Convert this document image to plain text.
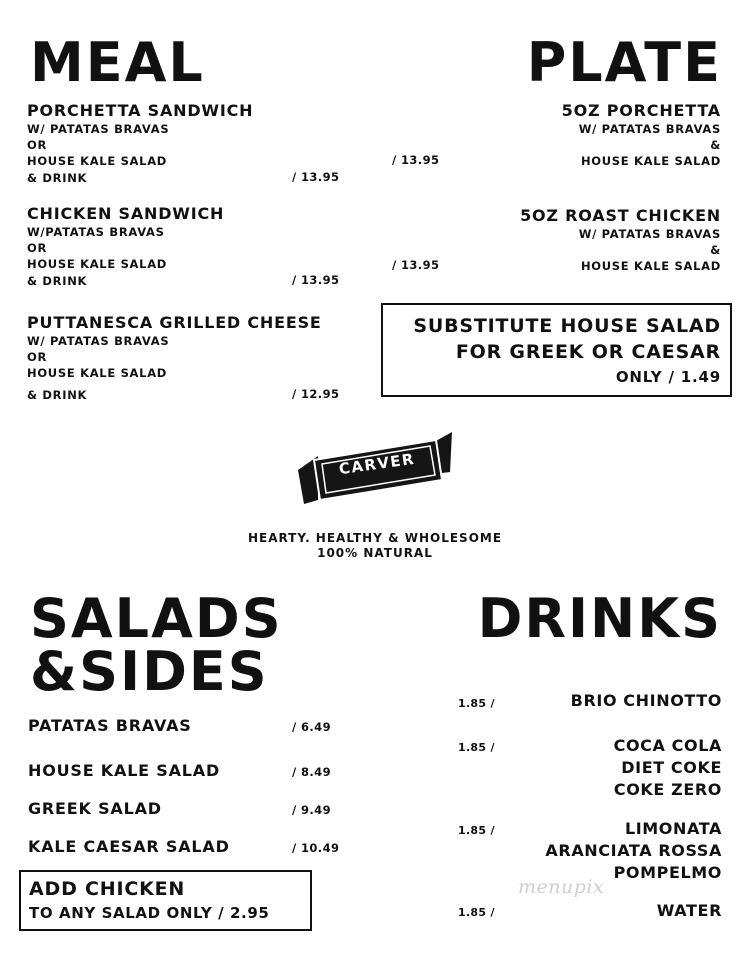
MEAL	PLATE
PORCHETTA SANDWICH
W/ PATATAS BRAVAS
OR
HOUSE KALE SALAD
& DRINK	/ 13.95
CHICKEN SANDWICH
W/PATATAS BRAVAS
OR
HOUSE KALE SALAD
& DRINK	/ 13.95
PUTTANESCA GRILLED CHEESE
W/ PATATAS BRAVAS
OR
HOUSE KALE SALAD
& DRINK	/ 12.95
/ 13.95
5OZ PORCHETTA
W/ PATATAS BRAVAS
&
HOUSE KALE SALAD
/ 13.95
5OZ ROAST CHICKEN
W/ PATATAS BRAVAS
&
HOUSE KALE SALAD
SUBSTITUTE HOUSE SALAD
FOR GREEK OR CAESAR
ONLY / 1.49
CARVER
HEARTY. HEALTHY & WHOLESOME
100% NATURAL
SALADS
&SIDES
PATATAS BRAVAS	/ 6.49
HOUSE KALE SALAD	/ 8.49
GREEK SALAD	/ 9.49
KALE CAESAR SALAD	/ 10.49
ADD CHICKEN
TO ANY SALAD ONLY / 2.95
DRINKS
1.85 /	BRIO CHINOTTO
1.85 /	COCA COLA
DIET COKE
COKE ZERO
1.85 /	LIMONATA
ARANCIATA ROSSA
POMPELMO
1.85 /	WATER
menupix
